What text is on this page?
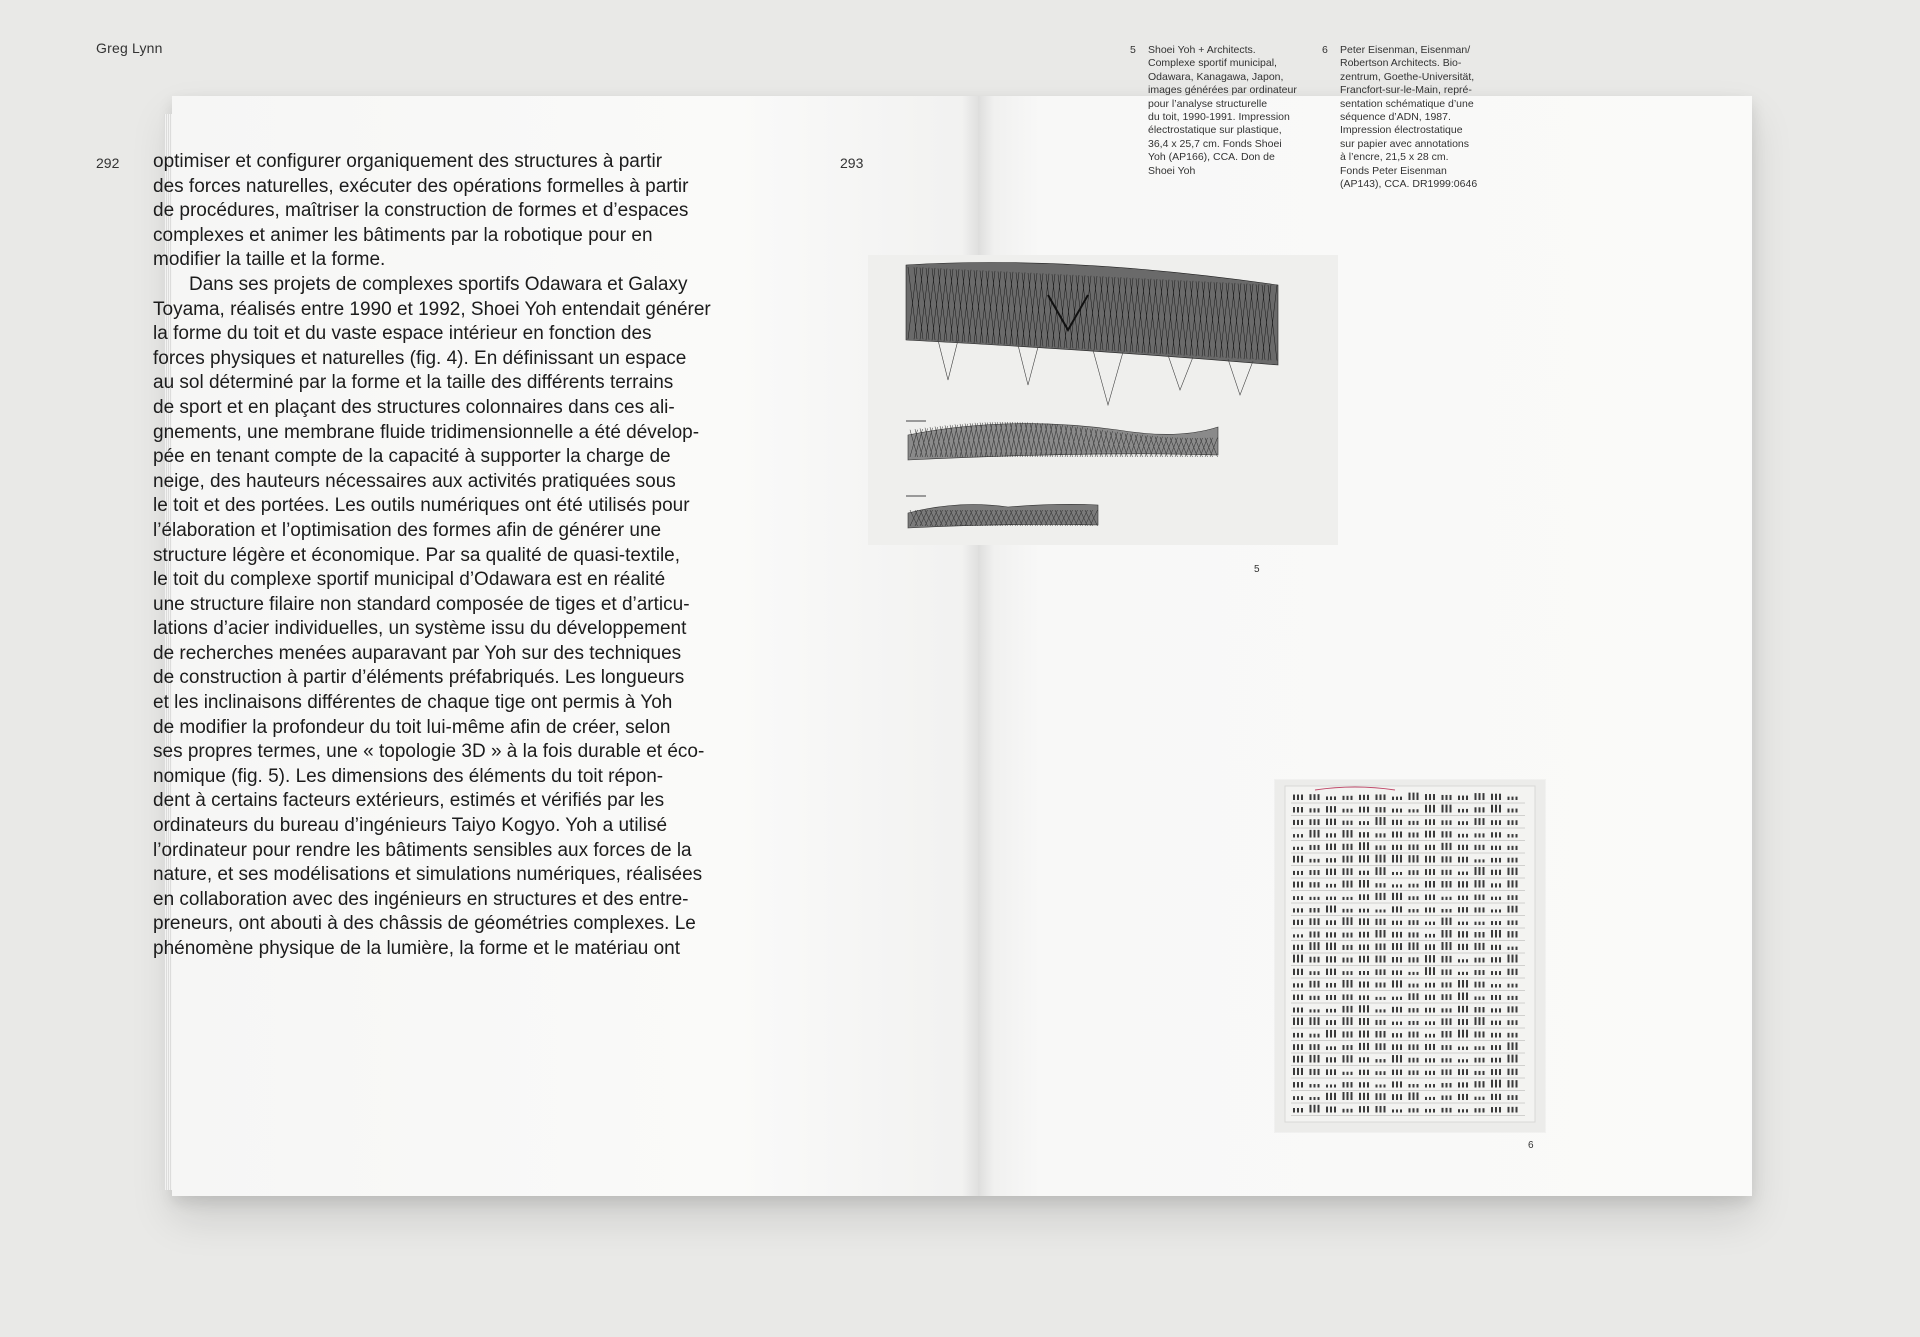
Greg Lynn
292 optimiser et configurer organiquement des structures à partir
des forces naturelles, exécuter des opérations formelles à partir
de procédures, maîtriser la construction de formes et d’espaces
complexes et animer les bâtiments par la robotique pour en
modifier la taille et la forme.
Dans ses projets de complexes sportifs Odawara et Galaxy
Toyama, réalisés entre 1990 et 1992, Shoei Yoh entendait générer
la forme du toit et du vaste espace intérieur en fonction des
forces physiques et naturelles (fig. 4). En définissant un espace
au sol déterminé par la forme et la taille des différents terrains
de sport et en plaçant des structures colonnaires dans ces ali-
gnements, une membrane fluide tridimensionnelle a été dévelop-
pée en tenant compte de la capacité à supporter la charge de
neige, des hauteurs nécessaires aux activités pratiquées sous
le toit et des portées. Les outils numériques ont été utilisés pour
l’élaboration et l’optimisation des formes afin de générer une
structure légère et économique. Par sa qualité de quasi-textile,
le toit du complexe sportif municipal d’Odawara est en réalité
une structure filaire non standard composée de tiges et d’articu-
lations d’acier individuelles, un système issu du développement
de recherches menées auparavant par Yoh sur des techniques
de construction à partir d’éléments préfabriqués. Les longueurs
et les inclinaisons différentes de chaque tige ont permis à Yoh
de modifier la profondeur du toit lui-même afin de créer, selon
ses propres termes, une « topologie 3D » à la fois durable et éco-
nomique (fig. 5). Les dimensions des éléments du toit répon-
dent à certains facteurs extérieurs, estimés et vérifiés par les
ordinateurs du bureau d’ingénieurs Taiyo Kogyo. Yoh a utilisé
l’ordinateur pour rendre les bâtiments sensibles aux forces de la
nature, et ses modélisations et simulations numériques, réalisées
en collaboration avec des ingénieurs en structures et des entre-
preneurs, ont abouti à des châssis de géométries complexes. Le
phénomène physique de la lumière, la forme et le matériau ont
293
5 Shoei Yoh + Architects.
Complexe sportif municipal,
Odawara, Kanagawa, Japon,
images générées par ordinateur
pour l’analyse structurelle
du toit, 1990-1991. Impression
électrostatique sur plastique,
36,4 x 25,7 cm. Fonds Shoei
Yoh (AP166), CCA. Don de
Shoei Yoh
6 Peter Eisenman, Eisenman/
Robertson Architects. Bio-
zentrum, Goethe-Universität,
Francfort-sur-le-Main, repré-
sentation schématique d’une
séquence d’ADN, 1987.
Impression électrostatique
sur papier avec annotations
à l’encre, 21,5 x 28 cm.
Fonds Peter Eisenman
(AP143), CCA. DR1999:0646
5
6
